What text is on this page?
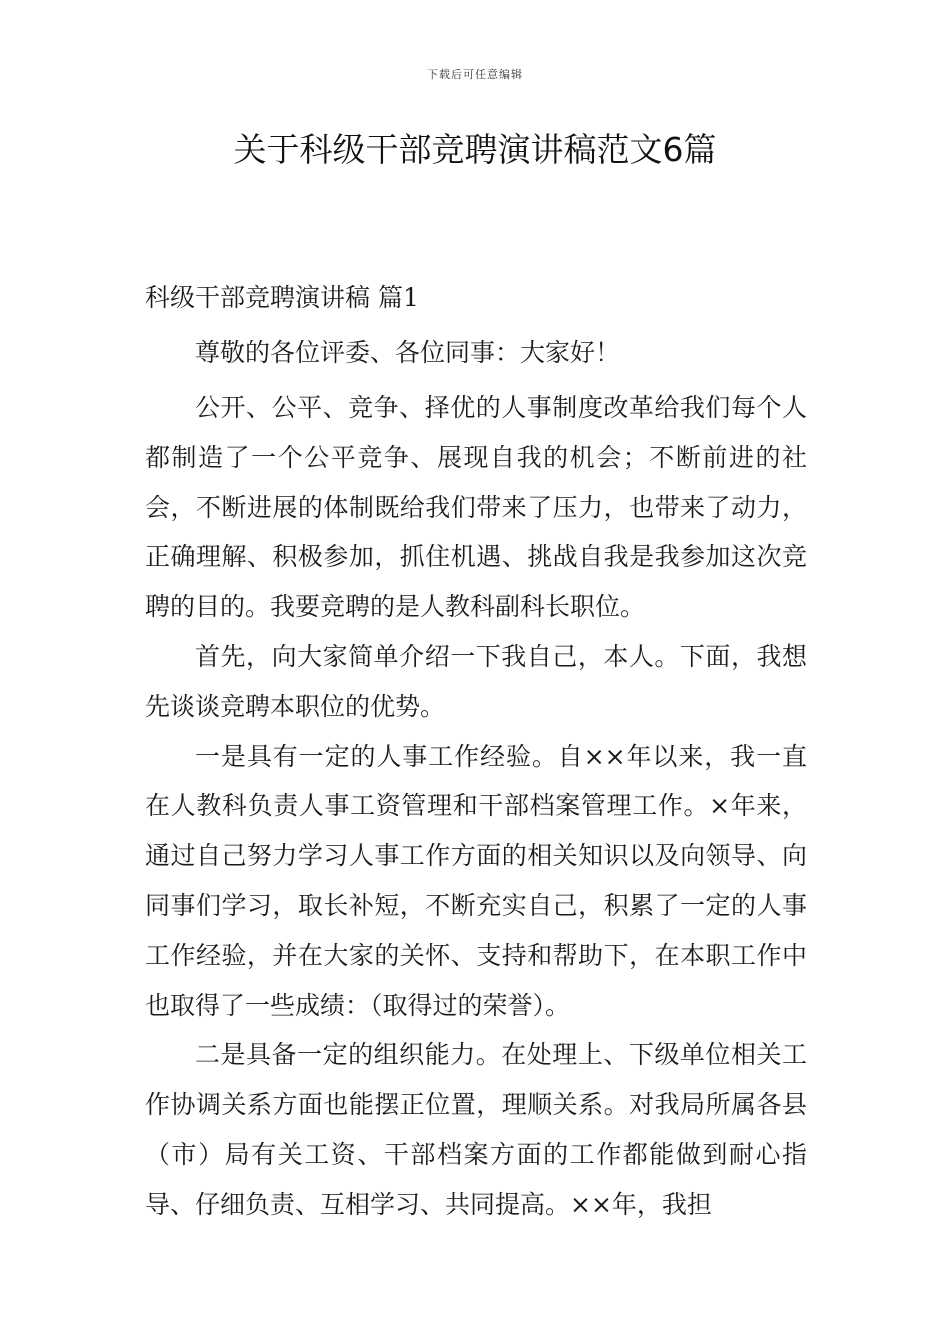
下载后可任意编辑
关于科级干部竞聘演讲稿范文6篇
科级干部竞聘演讲稿 篇1

尊敬的各位评委、各位同事：大家好！

公开、公平、竞争、择优的人事制度改革给我们每个人都制造了一个公平竞争、展现自我的机会；不断前进的社会，不断进展的体制既给我们带来了压力，也带来了动力，正确理解、积极参加，抓住机遇、挑战自我是我参加这次竞聘的目的。我要竞聘的是人教科副科长职位。

首先，向大家简单介绍一下我自己，本人。下面，我想先谈谈竞聘本职位的优势。

一是具有一定的人事工作经验。自××年以来，我一直在人教科负责人事工资管理和干部档案管理工作。×年来，通过自己努力学习人事工作方面的相关知识以及向领导、向同事们学习，取长补短，不断充实自己，积累了一定的人事工作经验，并在大家的关怀、支持和帮助下，在本职工作中也取得了一些成绩：（取得过的荣誉）。

二是具备一定的组织能力。在处理上、下级单位相关工作协调关系方面也能摆正位置，理顺关系。对我局所属各县（市）局有关工资、干部档案方面的工作都能做到耐心指导、仔细负责、互相学习、共同提高。××年，我担
